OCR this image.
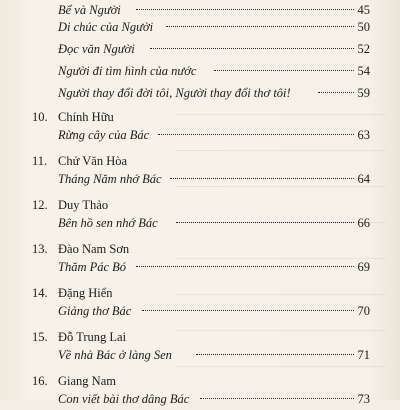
Bể và Người	45
Di chúc của Người	50
Đọc văn Người	52
Người đi tìm hình của nước	54
Người thay đổi đời tôi, Người thay đổi thơ tôi!	59
10. Chính Hữu
Rừng cây của Bác	63
11. Chử Văn Hòa
Tháng Năm nhớ Bác	64
12. Duy Thảo
Bên hồ sen nhớ Bác	66
13. Đào Nam Sơn
Thăm Pác Bó	69
14. Đặng Hiển
Giảng thơ Bác	70
15. Đỗ Trung Lai
Về nhà Bác ở làng Sen	71
16. Giang Nam
Con viết bài thơ dâng Bác	73
